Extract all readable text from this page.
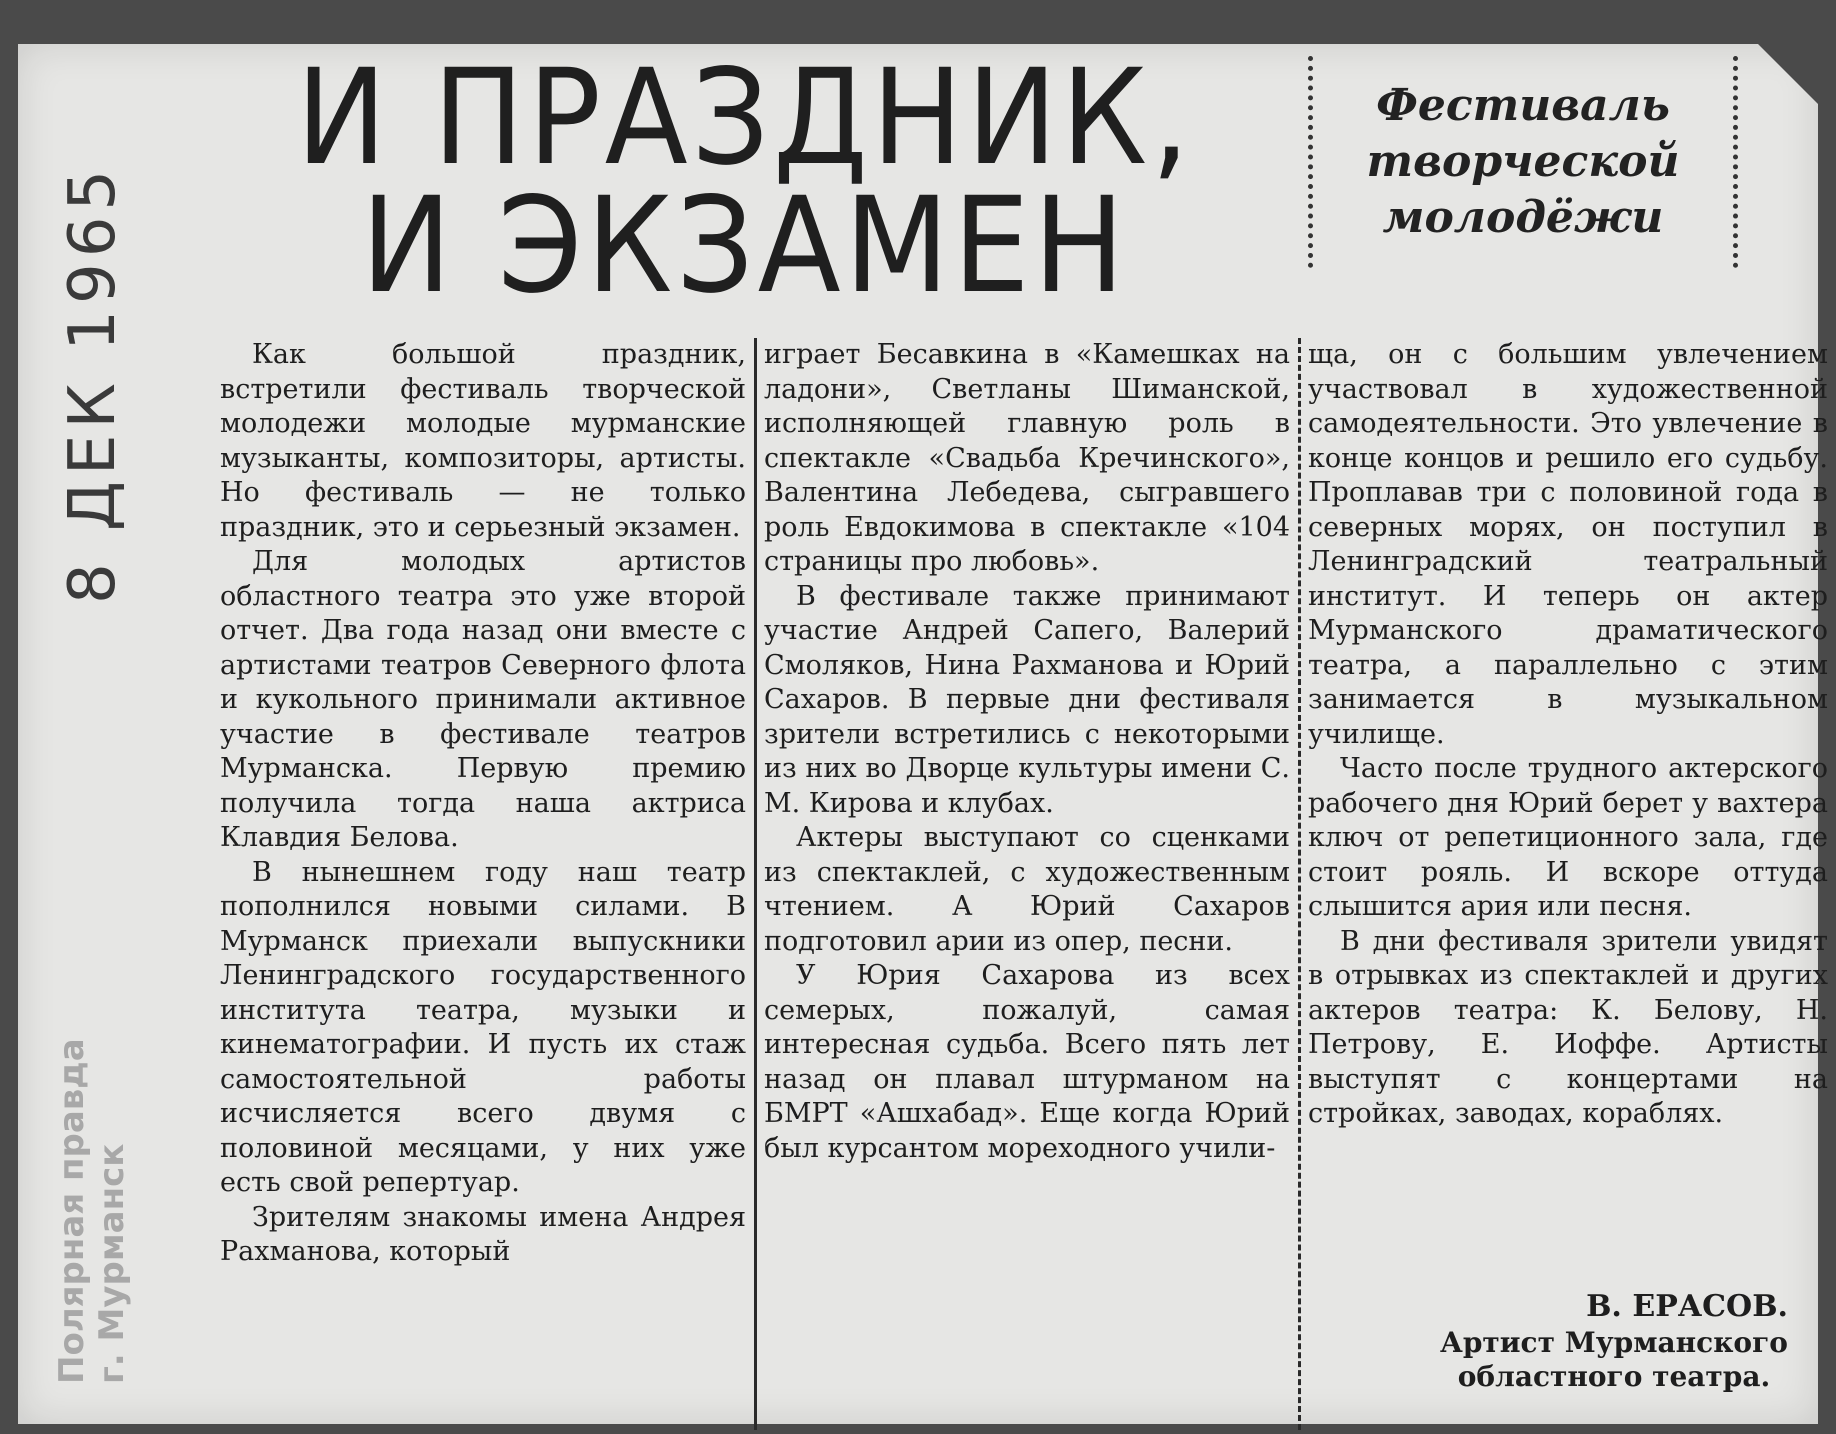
И ПРАЗДНИК,
И ЭКЗАМЕН
Фестиваль
творческой
молодёжи
8 ДЕК 1965
Полярная правда г. Мурманск

Как большой праздник, встретили фестиваль творческой молодежи молодые мурманские музыканты, композиторы, артисты. Но фестиваль — не только праздник, это и серьезный экзамен.

Для молодых артистов областного театра это уже второй отчет. Два года назад они вместе с артистами театров Северного флота и кукольного принимали активное участие в фестивале театров Мурманска. Первую премию получила тогда наша актриса Клавдия Белова.

В нынешнем году наш театр пополнился новыми силами. В Мурманск приехали выпускники Ленинградского государственного института театра, музыки и кинематографии. И пусть их стаж самостоятельной работы исчисляется всего двумя с половиной месяцами, у них уже есть свой репертуар.

Зрителям знакомы имена Андрея Рахманова, который

играет Бесавкина в «Камешках на ладони», Светланы Шиманской, исполняющей главную роль в спектакле «Свадьба Кречинского», Валентина Лебедева, сыгравшего роль Евдокимова в спектакле «104 страницы про любовь».

В фестивале также принимают участие Андрей Сапего, Валерий Смоляков, Нина Рахманова и Юрий Сахаров. В первые дни фестиваля зрители встретились с некоторыми из них во Дворце культуры имени С. М. Кирова и клубах.

Актеры выступают со сценками из спектаклей, с художественным чтением. А Юрий Сахаров подготовил арии из опер, песни.

У Юрия Сахарова из всех семерых, пожалуй, самая интересная судьба. Всего пять лет назад он плавал штурманом на БМРТ «Ашхабад». Еще когда Юрий был курсантом мореходного учили-

ща, он с большим увлечением участвовал в художественной самодеятельности. Это увлечение в конце концов и решило его судьбу. Проплавав три с половиной года в северных морях, он поступил в Ленинградский театральный институт. И теперь он актер Мурманского драматического театра, а параллельно с этим занимается в музыкальном училище.

Часто после трудного актерского рабочего дня Юрий берет у вахтера ключ от репетиционного зала, где стоит рояль. И вскоре оттуда слышится ария или песня.

В дни фестиваля зрители увидят в отрывках из спектаклей и других актеров театра: К. Белову, Н. Петрову, Е. Иоффе. Артисты выступят с концертами на стройках, заводах, кораблях.

В. ЕРАСОВ.
Артист Мурманского
областного театра.
